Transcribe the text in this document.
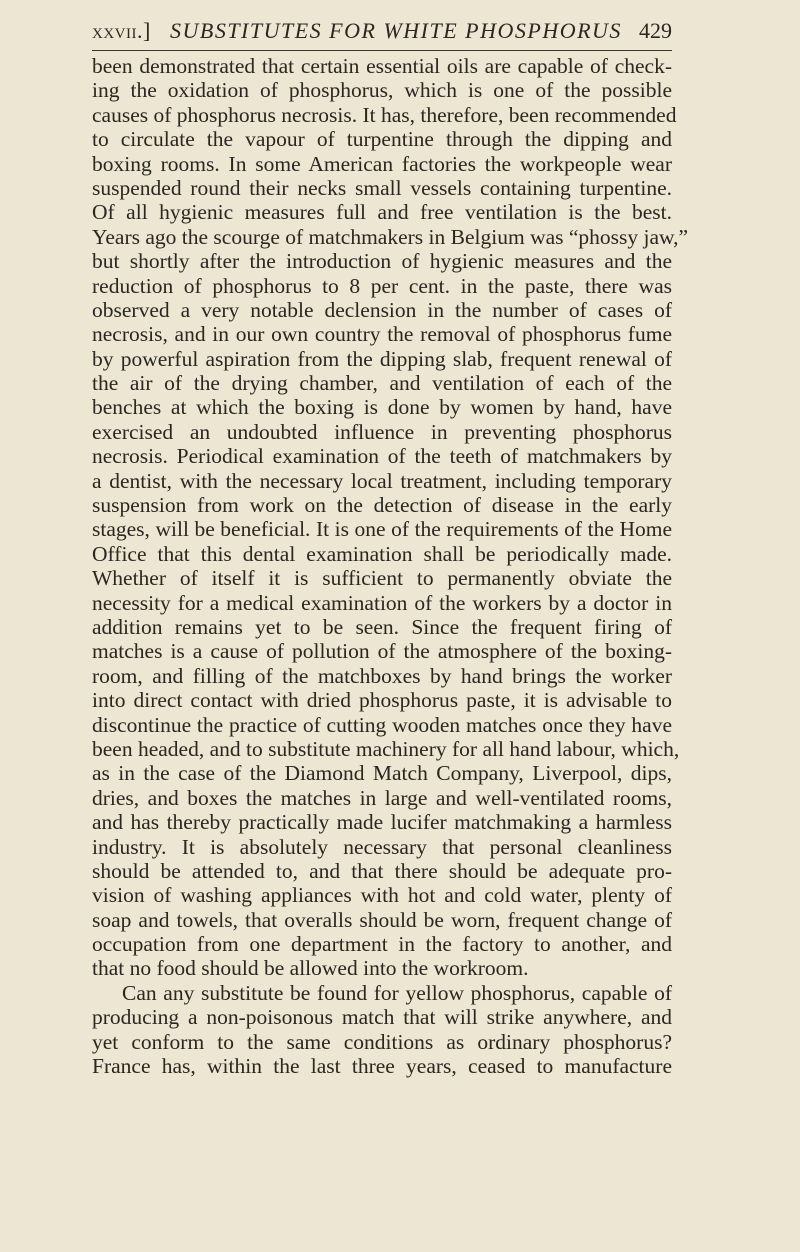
xxvii.] SUBSTITUTES FOR WHITE PHOSPHORUS 429
been demonstrated that certain essential oils are capable of check-
ing the oxidation of phosphorus, which is one of the possible
causes of phosphorus necrosis. It has, therefore, been recommended
to circulate the vapour of turpentine through the dipping and
boxing rooms. In some American factories the workpeople wear
suspended round their necks small vessels containing turpentine.
Of all hygienic measures full and free ventilation is the best.
Years ago the scourge of matchmakers in Belgium was “phossy jaw,”
but shortly after the introduction of hygienic measures and the
reduction of phosphorus to 8 per cent. in the paste, there was
observed a very notable declension in the number of cases of
necrosis, and in our own country the removal of phosphorus fume
by powerful aspiration from the dipping slab, frequent renewal of
the air of the drying chamber, and ventilation of each of the
benches at which the boxing is done by women by hand, have
exercised an undoubted influence in preventing phosphorus
necrosis. Periodical examination of the teeth of matchmakers by
a dentist, with the necessary local treatment, including temporary
suspension from work on the detection of disease in the early
stages, will be beneficial. It is one of the requirements of the Home
Office that this dental examination shall be periodically made.
Whether of itself it is sufficient to permanently obviate the
necessity for a medical examination of the workers by a doctor in
addition remains yet to be seen. Since the frequent firing of
matches is a cause of pollution of the atmosphere of the boxing-
room, and filling of the matchboxes by hand brings the worker
into direct contact with dried phosphorus paste, it is advisable to
discontinue the practice of cutting wooden matches once they have
been headed, and to substitute machinery for all hand labour, which,
as in the case of the Diamond Match Company, Liverpool, dips,
dries, and boxes the matches in large and well-ventilated rooms,
and has thereby practically made lucifer matchmaking a harmless
industry. It is absolutely necessary that personal cleanliness
should be attended to, and that there should be adequate pro-
vision of washing appliances with hot and cold water, plenty of
soap and towels, that overalls should be worn, frequent change of
occupation from one department in the factory to another, and
that no food should be allowed into the workroom.
Can any substitute be found for yellow phosphorus, capable of
producing a non-poisonous match that will strike anywhere, and
yet conform to the same conditions as ordinary phosphorus?
France has, within the last three years, ceased to manufacture
